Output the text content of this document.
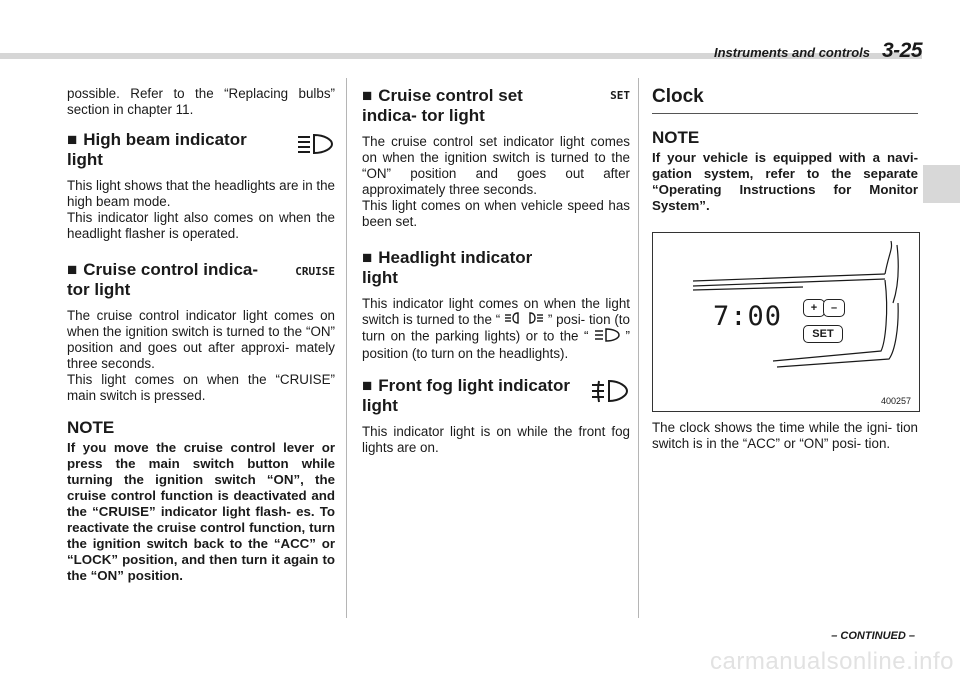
Instruments and controls 3-25

possible. Refer to the “Replacing bulbs” section in chapter 11.

■ High beam indicator light

This light shows that the headlights are in the high beam mode.

This indicator light also comes on when the headlight flasher is operated.

■ Cruise control indica- tor light
CRUISE

The cruise control indicator light comes on when the ignition switch is turned to the “ON” position and goes out after approxi- mately three seconds.

This light comes on when the “CRUISE” main switch is pressed.

NOTE
If you move the cruise control lever or press the main switch button while turning the ignition switch “ON”, the cruise control function is deactivated and the “CRUISE” indicator light flash- es. To reactivate the cruise control function, turn the ignition switch back to the “ACC” or “LOCK” position, and then turn it again to the “ON” position.
■ Cruise control set indica- tor light
SET

The cruise control set indicator light comes on when the ignition switch is turned to the “ON” position and goes out after approximately three seconds.

This light comes on when vehicle speed has been set.

■ Headlight indicator light

This indicator light comes on when the light switch is turned to the “	” posi- tion (to turn on the parking lights) or to the “	” position (to turn on the headlights).

■ Front fog light indicator light

This indicator light is on while the front fog lights are on.

Clock
NOTE
If your vehicle is equipped with a navi- gation system, refer to the separate “Operating Instructions for Monitor System”.
7:00	+	–
SET
400257

The clock shows the time while the igni- tion switch is in the “ACC” or “ON” posi- tion.

– CONTINUED –
carmanualsonline.info
